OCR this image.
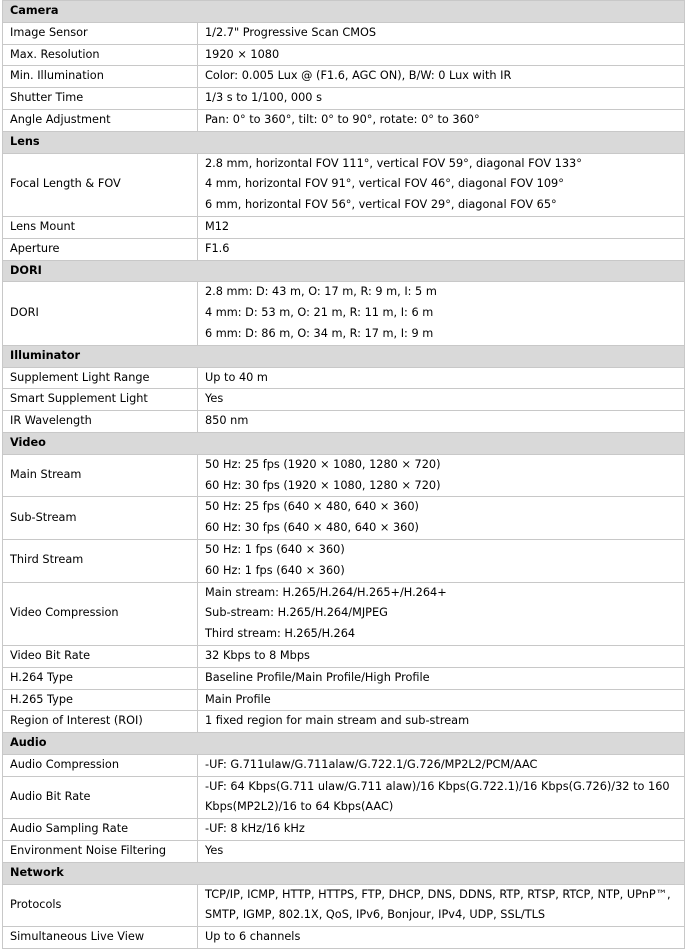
Camera	
Image Sensor	1/2.7" Progressive Scan CMOS

Max. Resolution	1920 × 1080

Min. Illumination	Color: 0.005 Lux @ (F1.6, AGC ON), B/W: 0 Lux with IR

Shutter Time	1/3 s to 1/100, 000 s

Angle Adjustment	Pan: 0° to 360°, tilt: 0° to 90°, rotate: 0° to 360°

Lens	
Focal Length & FOV	2.8 mm, horizontal FOV 111°, vertical FOV 59°, diagonal FOV 133°
4 mm, horizontal FOV 91°, vertical FOV 46°, diagonal FOV 109°
6 mm, horizontal FOV 56°, vertical FOV 29°, diagonal FOV 65°

Lens Mount	M12

Aperture	F1.6

DORI	
DORI	2.8 mm: D: 43 m, O: 17 m, R: 9 m, I: 5 m
4 mm: D: 53 m, O: 21 m, R: 11 m, I: 6 m
6 mm: D: 86 m, O: 34 m, R: 17 m, I: 9 m

Illuminator	
Supplement Light Range	Up to 40 m

Smart Supplement Light	Yes

IR Wavelength	850 nm

Video	
Main Stream	50 Hz: 25 fps (1920 × 1080, 1280 × 720)
60 Hz: 30 fps (1920 × 1080, 1280 × 720)

Sub-Stream	50 Hz: 25 fps (640 × 480, 640 × 360)
60 Hz: 30 fps (640 × 480, 640 × 360)

Third Stream	50 Hz: 1 fps (640 × 360)
60 Hz: 1 fps (640 × 360)

Video Compression	Main stream: H.265/H.264/H.265+/H.264+
Sub-stream: H.265/H.264/MJPEG
Third stream: H.265/H.264

Video Bit Rate	32 Kbps to 8 Mbps

H.264 Type	Baseline Profile/Main Profile/High Profile

H.265 Type	Main Profile

Region of Interest (ROI)	1 fixed region for main stream and sub-stream

Audio	
Audio Compression	-UF: G.711ulaw/G.711alaw/G.722.1/G.726/MP2L2/PCM/AAC

Audio Bit Rate	-UF: 64 Kbps(G.711 ulaw/G.711 alaw)/16 Kbps(G.722.1)/16 Kbps(G.726)/32 to 160
Kbps(MP2L2)/16 to 64 Kbps(AAC)

Audio Sampling Rate	-UF: 8 kHz/16 kHz

Environment Noise Filtering	Yes

Network	
Protocols	TCP/IP, ICMP, HTTP, HTTPS, FTP, DHCP, DNS, DDNS, RTP, RTSP, RTCP, NTP, UPnP™,
SMTP, IGMP, 802.1X, QoS, IPv6, Bonjour, IPv4, UDP, SSL/TLS

Simultaneous Live View	Up to 6 channels
